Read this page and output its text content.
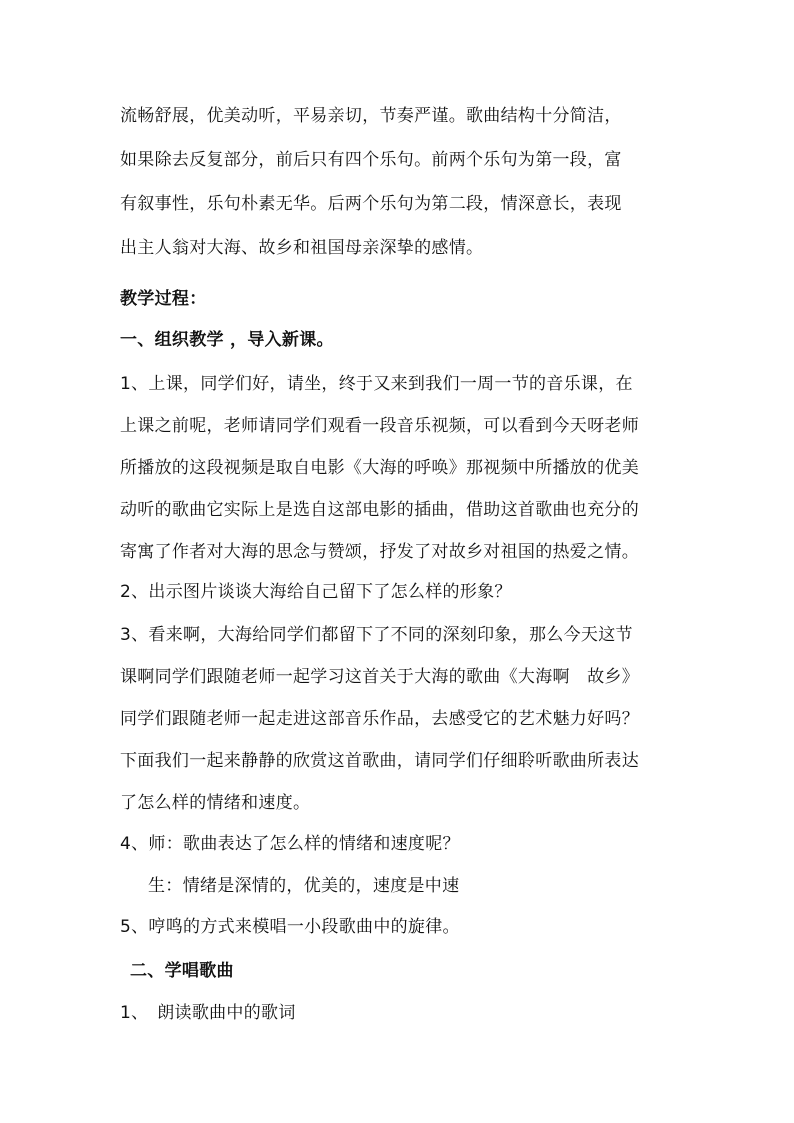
流畅舒展，优美动听，平易亲切，节奏严谨。歌曲结构十分简洁，
如果除去反复部分，前后只有四个乐句。前两个乐句为第一段，富
有叙事性，乐句朴素无华。后两个乐句为第二段，情深意长，表现
出主人翁对大海、故乡和祖国母亲深挚的感情。
教学过程：
一、组织教学 ，导入新课。
1、上课，同学们好，请坐，终于又来到我们一周一节的音乐课，在
上课之前呢，老师请同学们观看一段音乐视频，可以看到今天呀老师
所播放的这段视频是取自电影《大海的呼唤》那视频中所播放的优美
动听的歌曲它实际上是选自这部电影的插曲，借助这首歌曲也充分的
寄寓了作者对大海的思念与赞颂，抒发了对故乡对祖国的热爱之情。
2、出示图片谈谈大海给自己留下了怎么样的形象？
3、看来啊，大海给同学们都留下了不同的深刻印象，那么今天这节
课啊同学们跟随老师一起学习这首关于大海的歌曲《大海啊　故乡》
同学们跟随老师一起走进这部音乐作品，去感受它的艺术魅力好吗？
下面我们一起来静静的欣赏这首歌曲，请同学们仔细聆听歌曲所表达
了怎么样的情绪和速度。
4、师：歌曲表达了怎么样的情绪和速度呢？
生：情绪是深情的，优美的，速度是中速
5、哼鸣的方式来模唱一小段歌曲中的旋律。
二、学唱歌曲
1、　朗读歌曲中的歌词
